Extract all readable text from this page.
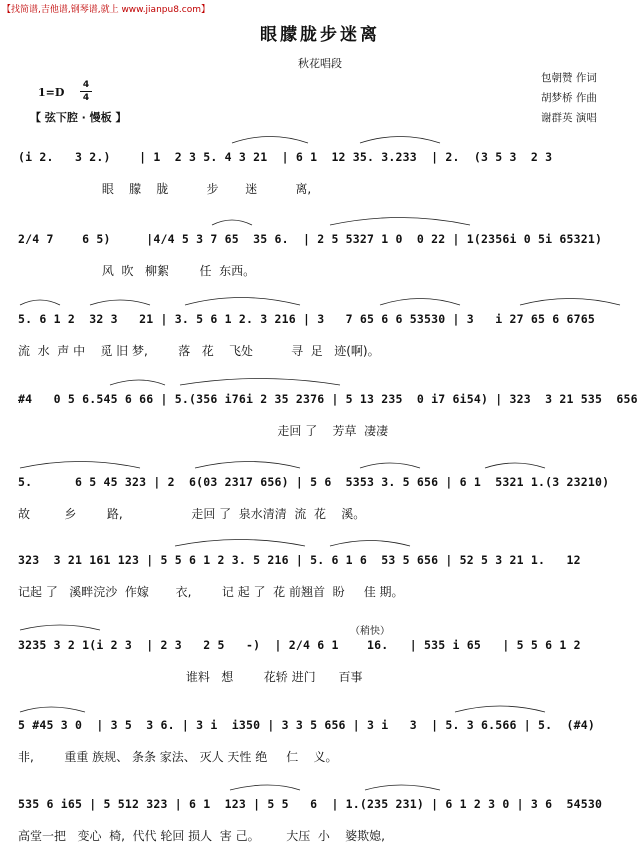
【找简谱,吉他谱,钢琴谱,就上 www.jianpu8.com】
眼朦胧步迷离
秋花唱段
包朝赞 作词
胡梦桥 作曲
谢群英 演唱
1=D
4
4
【 弦下腔 · 慢板 】
(i 2.   3 2.)    | 1  2 3 5. 4 3 21  | 6 1  12 35. 3.233  | 2.  (3 5 3  2 3
眼    朦    胧          步       迷          离,
2/4 7    6 5)     |4/4 5 3 7 65  35 6.  | 2 5 5327 1 0  0 22 | 1(2356i 0 5i 65321)
风  吹   柳絮        任  东西。
5. 6 1 2  32 3   21 | 3. 5 6 1 2. 3 216 | 3   7 65 6 6 53530 | 3   i 27 65 6 6765
流  水  声 中    觅 旧 梦,        落   花    飞处          寻  足   迹(啊)。
#4   0 5 6.545 6 66 | 5.(356 i76i 2 35 2376 | 5 13 235  0 i7 6i54) | 323  3 21 535  656
走回 了    芳草  凄凄
5.      6 5 45 323 | 2  6(03 2317 656) | 5 6  5353 3. 5 656 | 6 1  5321 1.(3 23210)
故         乡        路,                  走回 了  泉水清清  流  花    溪。
323  3 21 161 123 | 5 5 6 1 2 3. 5 216 | 5. 6 1 6  53 5 656 | 52 5 3 21 1.   12
记起 了   溪畔浣沙  作嫁       衣,        记 起 了  花 前翘首  盼     佳 期。
（稍快）
3235 3 2 1(i 2 3  | 2 3   2 5   -)  | 2/4 6 1    16.   | 535 i 65   | 5 5 6 1 2
谁料   想        花轿 进门      百事
5 #45 3 0  | 3 5  3 6. | 3 i  i350 | 3 3 5 656 | 3 i   3  | 5. 3 6.566 | 5.  (#4)
非,        重重 族规、 条条 家法、 灭人 天性 绝     仁    义。
535 6 i65 | 5 512 323 | 6 1  123 | 5 5   6  | 1.(235 231) | 6 1 2 3 0 | 3 6  54530
高堂一把   变心  椅,  代代 轮回 损人  害 己。       大压  小    婆欺媳,
